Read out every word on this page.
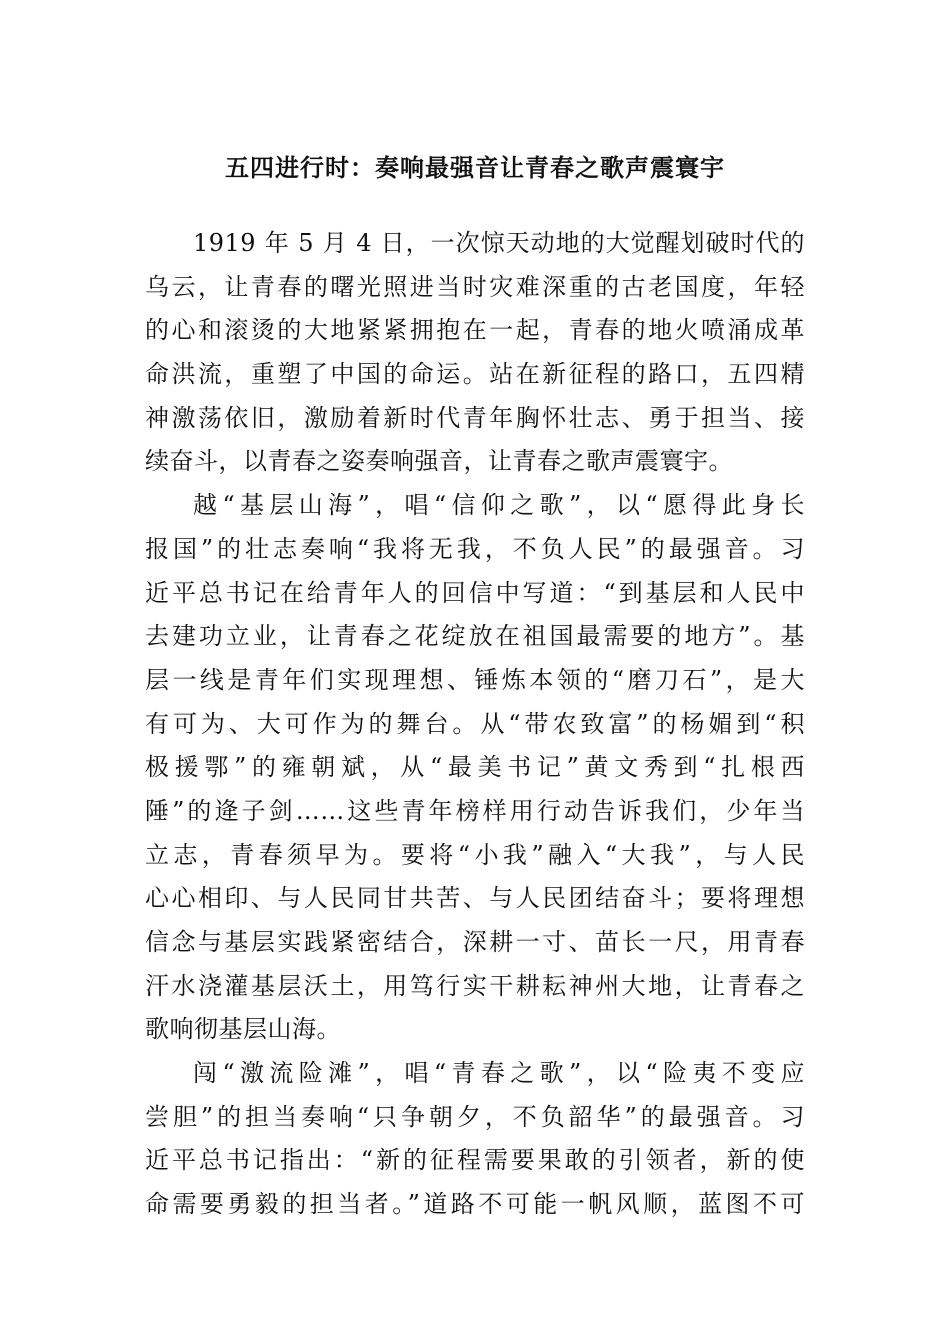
五四进行时：奏响最强音让青春之歌声震寰宇
1919 年 5 月 4 日，一次惊天动地的大觉醒划破时代的
乌云，让青春的曙光照进当时灾难深重的古老国度，年轻
的心和滚烫的大地紧紧拥抱在一起，青春的地火喷涌成革
命洪流，重塑了中国的命运。站在新征程的路口，五四精
神激荡依旧，激励着新时代青年胸怀壮志、勇于担当、接
续奋斗，以青春之姿奏响强音，让青春之歌声震寰宇。
越“基层山海”，唱“信仰之歌”，以“愿得此身长
报国”的壮志奏响“我将无我，不负人民”的最强音。习
近平总书记在给青年人的回信中写道：“到基层和人民中
去建功立业，让青春之花绽放在祖国最需要的地方”。基
层一线是青年们实现理想、锤炼本领的“磨刀石”，是大
有可为、大可作为的舞台。从“带农致富”的杨媚到“积
极援鄂”的雍朝斌，从“最美书记”黄文秀到“扎根西
陲”的逄子剑……这些青年榜样用行动告诉我们，少年当
立志，青春须早为。要将“小我”融入“大我”，与人民
心心相印、与人民同甘共苦、与人民团结奋斗；要将理想
信念与基层实践紧密结合，深耕一寸、苗长一尺，用青春
汗水浇灌基层沃土，用笃行实干耕耘神州大地，让青春之
歌响彻基层山海。
闯“激流险滩”，唱“青春之歌”，以“险夷不变应
尝胆”的担当奏响“只争朝夕，不负韶华”的最强音。习
近平总书记指出：“新的征程需要果敢的引领者，新的使
命需要勇毅的担当者。”道路不可能一帆风顺，蓝图不可
